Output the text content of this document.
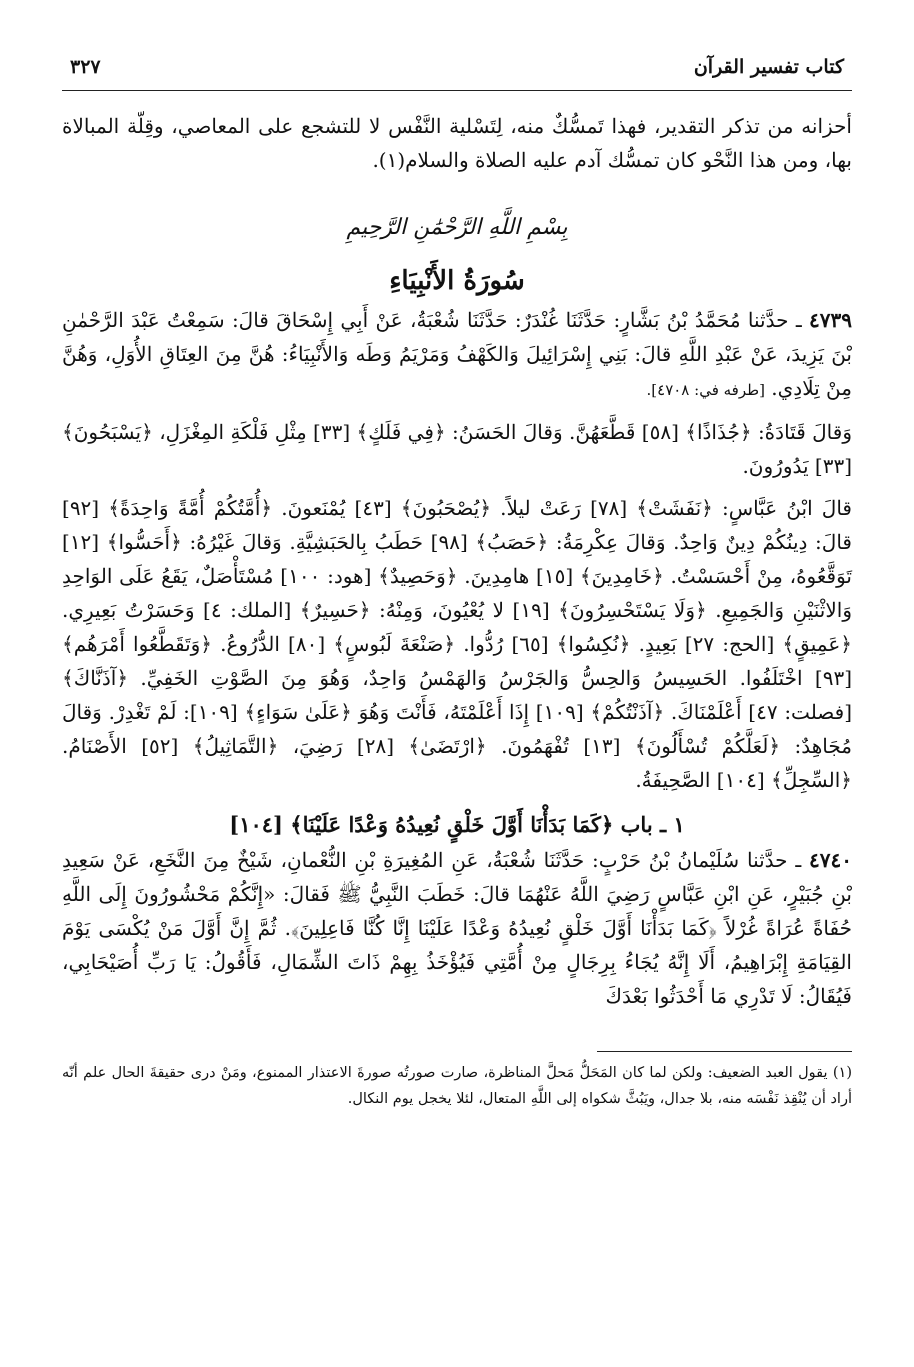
كتاب تفسير القرآن
٣٢٧

أحزانه من تذكر التقدير، فهذا تَمسُّكٌ منه، لِتَسْلية النَّفْس لا للتشجع على المعاصي، وقِلّة المبالاة بها، ومن هذا النَّحْو كان تمسُّك آدم عليه الصلاة والسلام(١).

بِسْمِ اللَّهِ الرَّحْمَٰنِ الرَّحِيمِ
سُورَةُ الأَنْبِيَاءِ

٤٧٣٩ ـ حدَّثنا مُحَمَّدُ بْنُ بَشَّارٍ: حَدَّثَنَا غُنْدَرٌ: حَدَّثَنَا شُعْبَةُ، عَنْ أَبِي إِسْحَاقَ قالَ: سَمِعْتُ عَبْدَ الرَّحْمٰنِ بْنَ يَزِيدَ، عَنْ عَبْدِ اللَّهِ قالَ: بَنِي إِسْرَائِيلَ وَالكَهْفُ وَمَرْيَمُ وَطَه وَالأَنْبِيَاءُ: هُنَّ مِنَ العِتَاقِ الأُوَلِ، وَهُنَّ مِنْ تِلَادِي. [طرفه في: ٤٧٠٨].

وَقالَ قَتَادَةُ: ﴿جُذَاذًا﴾ [٥٨] قَطَّعَهُنَّ. وَقالَ الحَسَنُ: ﴿فِي فَلَكٍ﴾ [٣٣] مِثْلِ فَلْكَةِ المِغْزَلِ، ﴿يَسْبَحُونَ﴾ [٣٣] يَدُورُونَ.

قالَ ابْنُ عَبَّاسٍ: ﴿نَفَشَتْ﴾ [٧٨] رَعَتْ ليلاً. ﴿يُصْحَبُونَ﴾ [٤٣] يُمْنَعونَ. ﴿أُمَّتُكُمْ أُمَّةً وَاحِدَةً﴾ [٩٢] قالَ: دِينُكُمْ دِينٌ وَاحِدٌ. وَقالَ عِكْرِمَةُ: ﴿حَصَبُ﴾ [٩٨] حَطَبُ بِالحَبَشِيَّةِ. وَقالَ غَيْرُهُ: ﴿أَحَسُّوا﴾ [١٢] تَوَقَّعُوهُ، مِنْ أَحْسَسْتُ. ﴿خَامِدِينَ﴾ [١٥] هامِدِينَ. ﴿وَحَصِيدٌ﴾ [هود: ١٠٠] مُسْتَأْصَلٌ، يَقَعُ عَلَى الوَاحِدِ وَالاثْنَيْنِ وَالجَمِيعِ. ﴿وَلَا يَسْتَحْسِرُونَ﴾ [١٩] لا يُعْيُونَ، وَمِنْهُ: ﴿حَسِيرٌ﴾ [الملك: ٤] وَحَسَرْتُ بَعِيرِي. ﴿عَمِيقٍ﴾ [الحج: ٢٧] بَعِيدٍ. ﴿نُكِسُوا﴾ [٦٥] رُدُّوا. ﴿صَنْعَةَ لَبُوسٍ﴾ [٨٠] الدُّرُوعُ. ﴿وَتَقَطَّعُوا أَمْرَهُم﴾ [٩٣] اخْتَلَفُوا. الحَسِيسُ وَالحِسُّ وَالجَرْسُ وَالهَمْسُ وَاحِدٌ، وَهُوَ مِنَ الصَّوْتِ الخَفِيِّ. ﴿آذَنَّاكَ﴾ [فصلت: ٤٧] أَعْلَمْنَاكَ. ﴿آذَنْتُكُمْ﴾ [١٠٩] إِذَا أَعْلَمْتَهُ، فَأَنْتَ وَهُوَ ﴿عَلَىٰ سَوَاءٍ﴾ [١٠٩]: لَمْ تَغْدِرْ. وَقالَ مُجَاهِدٌ: ﴿لَعَلَّكُمْ تُسْأَلُونَ﴾ [١٣] تُفْهَمُونَ. ﴿ارْتَضَىٰ﴾ [٢٨] رَضِيَ، ﴿التَّمَاثِيلُ﴾ [٥٢] الأَصْنَامُ. ﴿السِّجِلِّ﴾ [١٠٤] الصَّحِيفَةُ.

١ ـ باب ﴿كَمَا بَدَأْنَا أَوَّلَ خَلْقٍ نُعِيدُهُ وَعْدًا عَلَيْنَا﴾ [١٠٤]

٤٧٤٠ ـ حدَّثنا سُلَيْمانُ بْنُ حَرْبٍ: حَدَّثَنَا شُعْبَةُ، عَنِ المُغِيرَةِ بْنِ النُّعْمانِ، شَيْخٌ مِنَ النَّخَعِ، عَنْ سَعِيدِ بْنِ جُبَيْرٍ، عَنِ ابْنِ عَبَّاسٍ رَضِيَ اللَّهُ عَنْهُمَا قالَ: خَطَبَ النَّبِيُّ ﷺ فَقالَ: «إِنَّكُمْ مَحْشُورُونَ إِلَى اللَّهِ حُفَاةً عُرَاةً غُرْلاً ﴿كَمَا بَدَأْنَا أَوَّلَ خَلْقٍ نُعِيدُهُ وَعْدًا عَلَيْنَا إِنَّا كُنَّا فَاعِلِينَ﴾. ثُمَّ إِنَّ أَوَّلَ مَنْ يُكْسَى يَوْمَ القِيَامَةِ إِبْرَاهِيمُ، أَلَا إِنَّهُ يُجَاءُ بِرِجَالٍ مِنْ أُمَّتِي فَيُؤْخَذُ بِهِمْ ذَاتَ الشِّمَالِ، فَأَقُولُ: يَا رَبِّ أُصَيْحَابِي، فَيُقَالُ: لَا تَدْرِي مَا أَحْدَثُوا بَعْدَكَ

(١) يقول العبد الضعيف: ولكن لما كان المَحَلُّ مَحلَّ المناظرة، صارت صورتُه صورةَ الاعتذار الممنوع، ومَنْ درى حقيقةَ الحال علم أنّه أراد أن يُنْقِذ نَفْسَه منه، بلا جدال، ويَبُثَّ شكواه إلى اللَّهِ المتعال، لئلا يخجل يوم النكال.
